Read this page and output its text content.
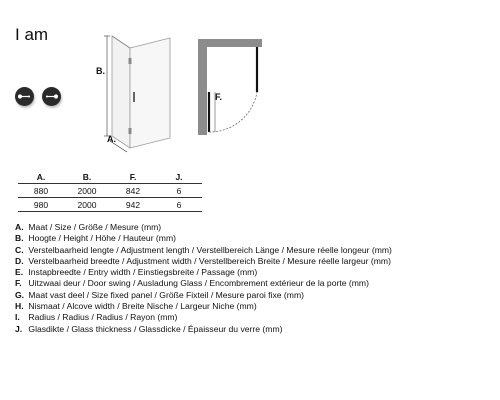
I am
B.
A.
F.
A.	B.	F.	J.
880	2000	842	6
980	2000	942	6
A. Maat / Size / Größe / Mesure (mm)
B. Hoogte / Height / Höhe / Hauteur (mm)
C. Verstelbaarheid lengte / Adjustment length / Verstellbereich Länge / Mesure réelle longeur (mm)
D. Verstelbaarheid breedte / Adjustment width / Verstellbereich Breite / Mesure réelle largeur (mm)
E. Instapbreedte / Entry width / Einstiegsbreite / Passage (mm)
F. Uitzwaai deur / Door swing / Ausladung Glass / Encombrement extérieur de la porte (mm)
G. Maat vast deel / Size fixed panel / Größe Fixteil / Mesure paroi fixe (mm)
H. Nismaat / Alcove width / Breite Nische / Largeur Niche (mm)
I. Radius / Radius / Radius / Rayon (mm)
J. Glasdikte / Glass thickness / Glassdicke / Épaisseur du verre (mm)
